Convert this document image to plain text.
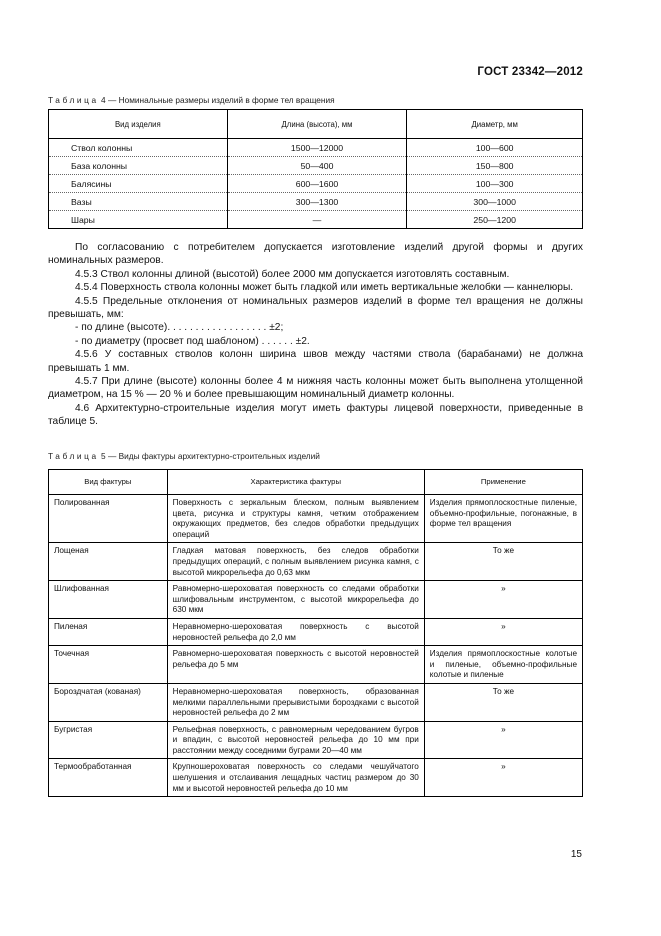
ГОСТ 23342—2012
Таблица 4 — Номинальные размеры изделий в форме тел вращения
Вид изделия	Длина (высота), мм	Диаметр, мм
Ствол колонны	1500—12000	100—600
База колонны	50—400	150—800
Балясины	600—1600	100—300
Вазы	300—1300	300—1000
Шары	—	250—1200

По согласованию с потребителем допускается изготовление изделий другой формы и других номинальных размеров.

4.5.3 Ствол колонны длиной (высотой) более 2000 мм допускается изготовлять составным.

4.5.4 Поверхность ствола колонны может быть гладкой или иметь вертикальные желобки — каннелюры.

4.5.5 Предельные отклонения от номинальных размеров изделий в форме тел вращения не должны превышать, мм:

- по длине (высоте). . . . . . . . . . . . . . . . . . ±2;

- по диаметру (просвет под шаблоном) . . . . . . ±2.

4.5.6 У составных стволов колонн ширина швов между частями ствола (барабанами) не должна превышать 1 мм.

4.5.7 При длине (высоте) колонны более 4 м нижняя часть колонны может быть выполнена утолщенной диаметром, на 15 % — 20 % и более превышающим номинальный диаметр колонны.

4.6 Архитектурно-строительные изделия могут иметь фактуры лицевой поверхности, приведенные в таблице 5.

Таблица 5 — Виды фактуры архитектурно-строительных изделий
Вид фактуры	Характеристика фактуры	Применение
Полированная	Поверхность с зеркальным блеском, полным выявлением цвета, рисунка и структуры камня, четким отображением окружающих предметов, без следов обработки предыдущих операций	Изделия прямоплоскостные пиленые, объемно-профильные, погонажные, в форме тел вращения
Лощеная	Гладкая матовая поверхность, без следов обработки предыдущих операций, с полным выявлением рисунка камня, с высотой микрорельефа до 0,63 мкм	То же
Шлифованная	Равномерно-шероховатая поверхность со следами обработки шлифовальным инструментом, с высотой микрорельефа до 630 мкм	»
Пиленая	Неравномерно-шероховатая поверхность с высотой неровностей рельефа до 2,0 мм	»
Точечная	Равномерно-шероховатая поверхность с высотой неровностей рельефа до 5 мм	Изделия прямоплоскостные колотые и пиленые, объемно-профильные колотые и пиленые
Бороздчатая (кованая)	Неравномерно-шероховатая поверхность, образованная мелкими параллельными прерывистыми бороздками с высотой неровностей рельефа до 2 мм	То же
Бугристая	Рельефная поверхность, с равномерным чередованием бугров и впадин, с высотой неровностей рельефа до 10 мм при расстоянии между соседними буграми 20—40 мм	»
Термообработанная	Крупношероховатая поверхность со следами чешуйчатого шелушения и отслаивания лещадных частиц размером до 30 мм и высотой неровностей рельефа до 10 мм	»
15
